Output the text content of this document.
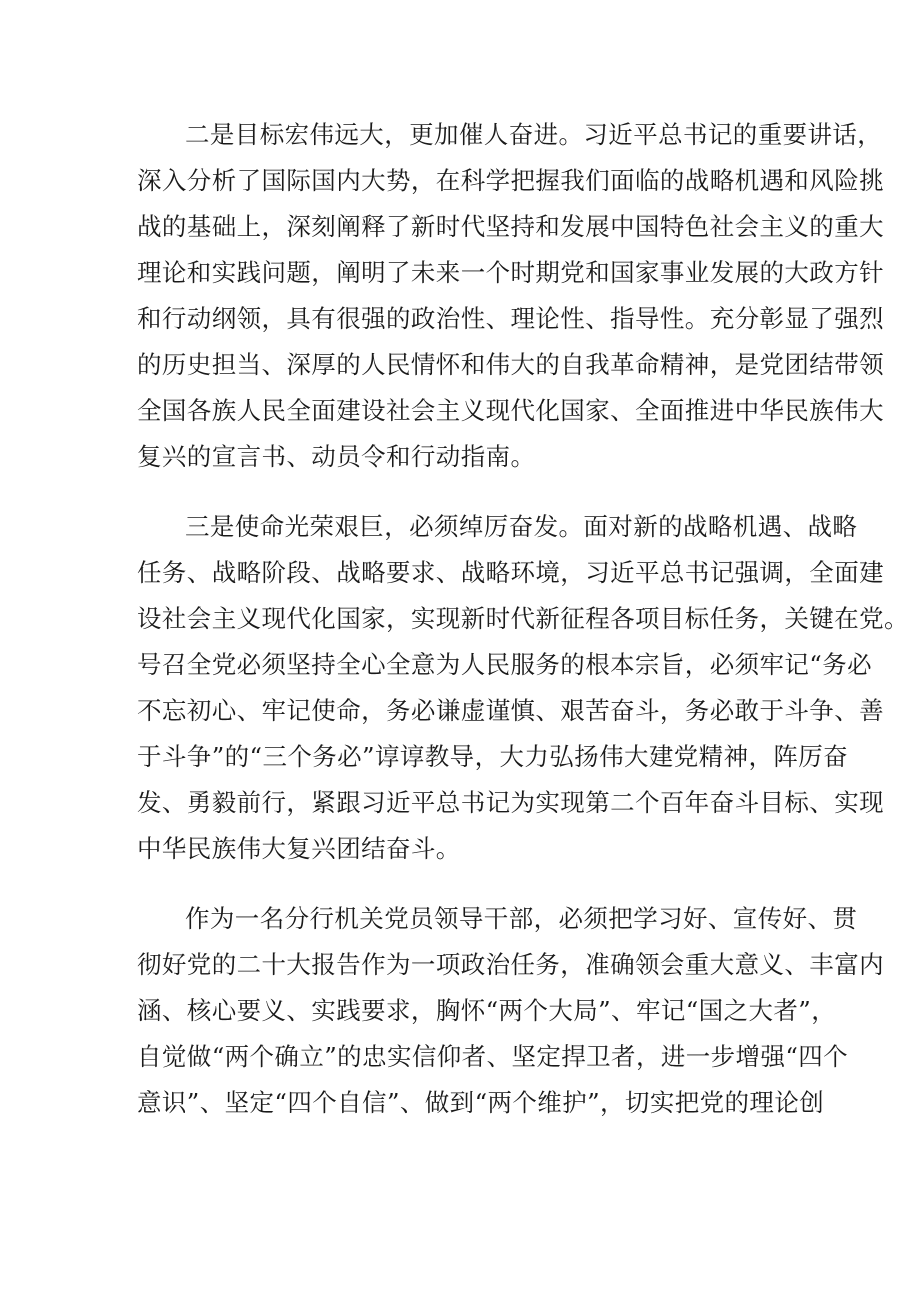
二是目标宏伟远大，更加催人奋进。习近平总书记的重要讲话，
深入分析了国际国内大势，在科学把握我们面临的战略机遇和风险挑
战的基础上，深刻阐释了新时代坚持和发展中国特色社会主义的重大
理论和实践问题，阐明了未来一个时期党和国家事业发展的大政方针
和行动纲领，具有很强的政治性、理论性、指导性。充分彰显了强烈
的历史担当、深厚的人民情怀和伟大的自我革命精神，是党团结带领
全国各族人民全面建设社会主义现代化国家、全面推进中华民族伟大
复兴的宣言书、动员令和行动指南。
三是使命光荣艰巨，必须绰厉奋发。面对新的战略机遇、战略
任务、战略阶段、战略要求、战略环境，习近平总书记强调，全面建
设社会主义现代化国家，实现新时代新征程各项目标任务，关键在党。
号召全党必须坚持全心全意为人民服务的根本宗旨，必须牢记“务必
不忘初心、牢记使命，务必谦虚谨慎、艰苦奋斗，务必敢于斗争、善
于斗争”的“三个务必”谆谆教导，大力弘扬伟大建党精神，阵厉奋
发、勇毅前行，紧跟习近平总书记为实现第二个百年奋斗目标、实现
中华民族伟大复兴团结奋斗。
作为一名分行机关党员领导干部，必须把学习好、宣传好、贯
彻好党的二十大报告作为一项政治任务，准确领会重大意义、丰富内
涵、核心要义、实践要求，胸怀“两个大局”、牢记“国之大者”，
自觉做“两个确立”的忠实信仰者、坚定捍卫者，进一步增强“四个
意识”、坚定“四个自信”、做到“两个维护”，切实把党的理论创
